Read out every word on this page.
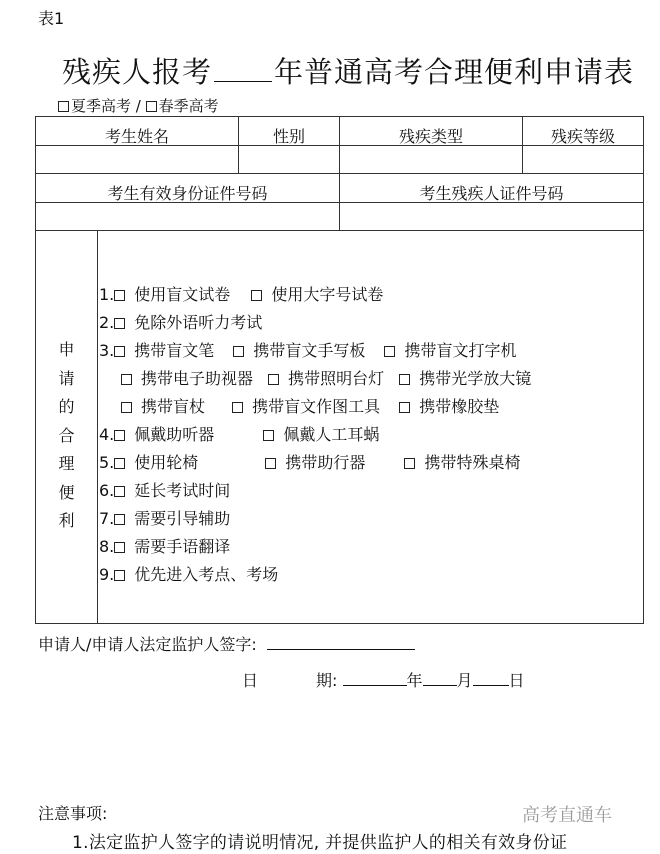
表1
残疾人报考 年普通高考合理便利申请表
夏季高考 / 春季高考
考生姓名	性别	残疾类型	残疾等级
考生有效身份证件号码	考生残疾人证件号码
申
请
的
合
理
便
利
1. 使用盲文试卷	使用大字号试卷
2. 免除外语听力考试
3. 携带盲文笔 携带盲文手写板 携带盲文打字机
携带电子助视器 携带照明台灯 携带光学放大镜
携带盲杖	携带盲文作图工具 携带橡胶垫
4. 佩戴助听器	佩戴人工耳蜗
5. 使用轮椅	携带助行器	携带特殊桌椅
6. 延长考试时间
7. 需要引导辅助
8. 需要手语翻译
9. 优先进入考点、考场
申请人/申请人法定监护人签字:
日	期:	年 月 日
注意事项:	高考直通车
1.法定监护人签字的请说明情况, 并提供监护人的相关有效身份证
